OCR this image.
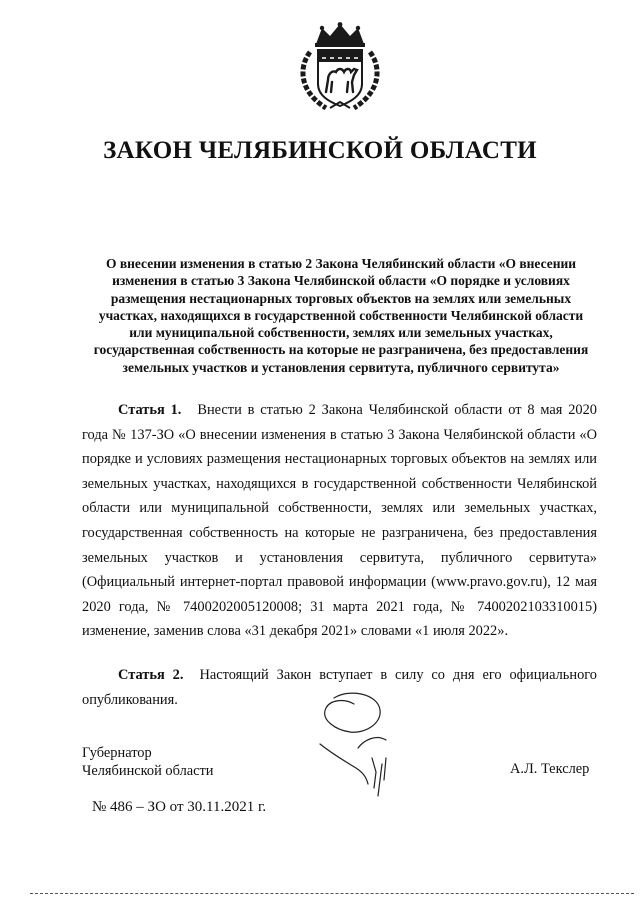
ЗАКОН ЧЕЛЯБИНСКОЙ ОБЛАСТИ
О внесении изменения в статью 2 Закона Челябинский области «О внесении
изменения в статью 3 Закона Челябинской области «О порядке и условиях
размещения нестационарных торговых объектов на землях или земельных
участках, находящихся в государственной собственности Челябинской области
или муниципальной собственности, землях или земельных участках,
государственная собственность на которые не разграничена, без предоставления
земельных участков и установления сервитута, публичного сервитута»
Статья 1. Внести в статью 2 Закона Челябинской области от 8 мая 2020 года № 137-ЗО «О внесении изменения в статью 3 Закона Челябинской области «О порядке и условиях размещения нестационарных торговых объектов на землях или земельных участках, находящихся в государственной собственности Челябинской области или муниципальной собственности, землях или земельных участках, государственная собственность на которые не разграничена, без предоставления земельных участков и установления сервитута, публичного сервитута» (Официальный интернет-портал правовой информации (www.pravo.gov.ru), 12 мая 2020 года, № 7400202005120008; 31 марта 2021 года, № 7400202103310015) изменение, заменив слова «31 декабря 2021» словами «1 июля 2022».
Статья 2. Настоящий Закон вступает в силу со дня его официального опубликования.
Губернатор
Челябинской области	А.Л. Текслер
№ 486 – ЗО от 30.11.2021 г.
